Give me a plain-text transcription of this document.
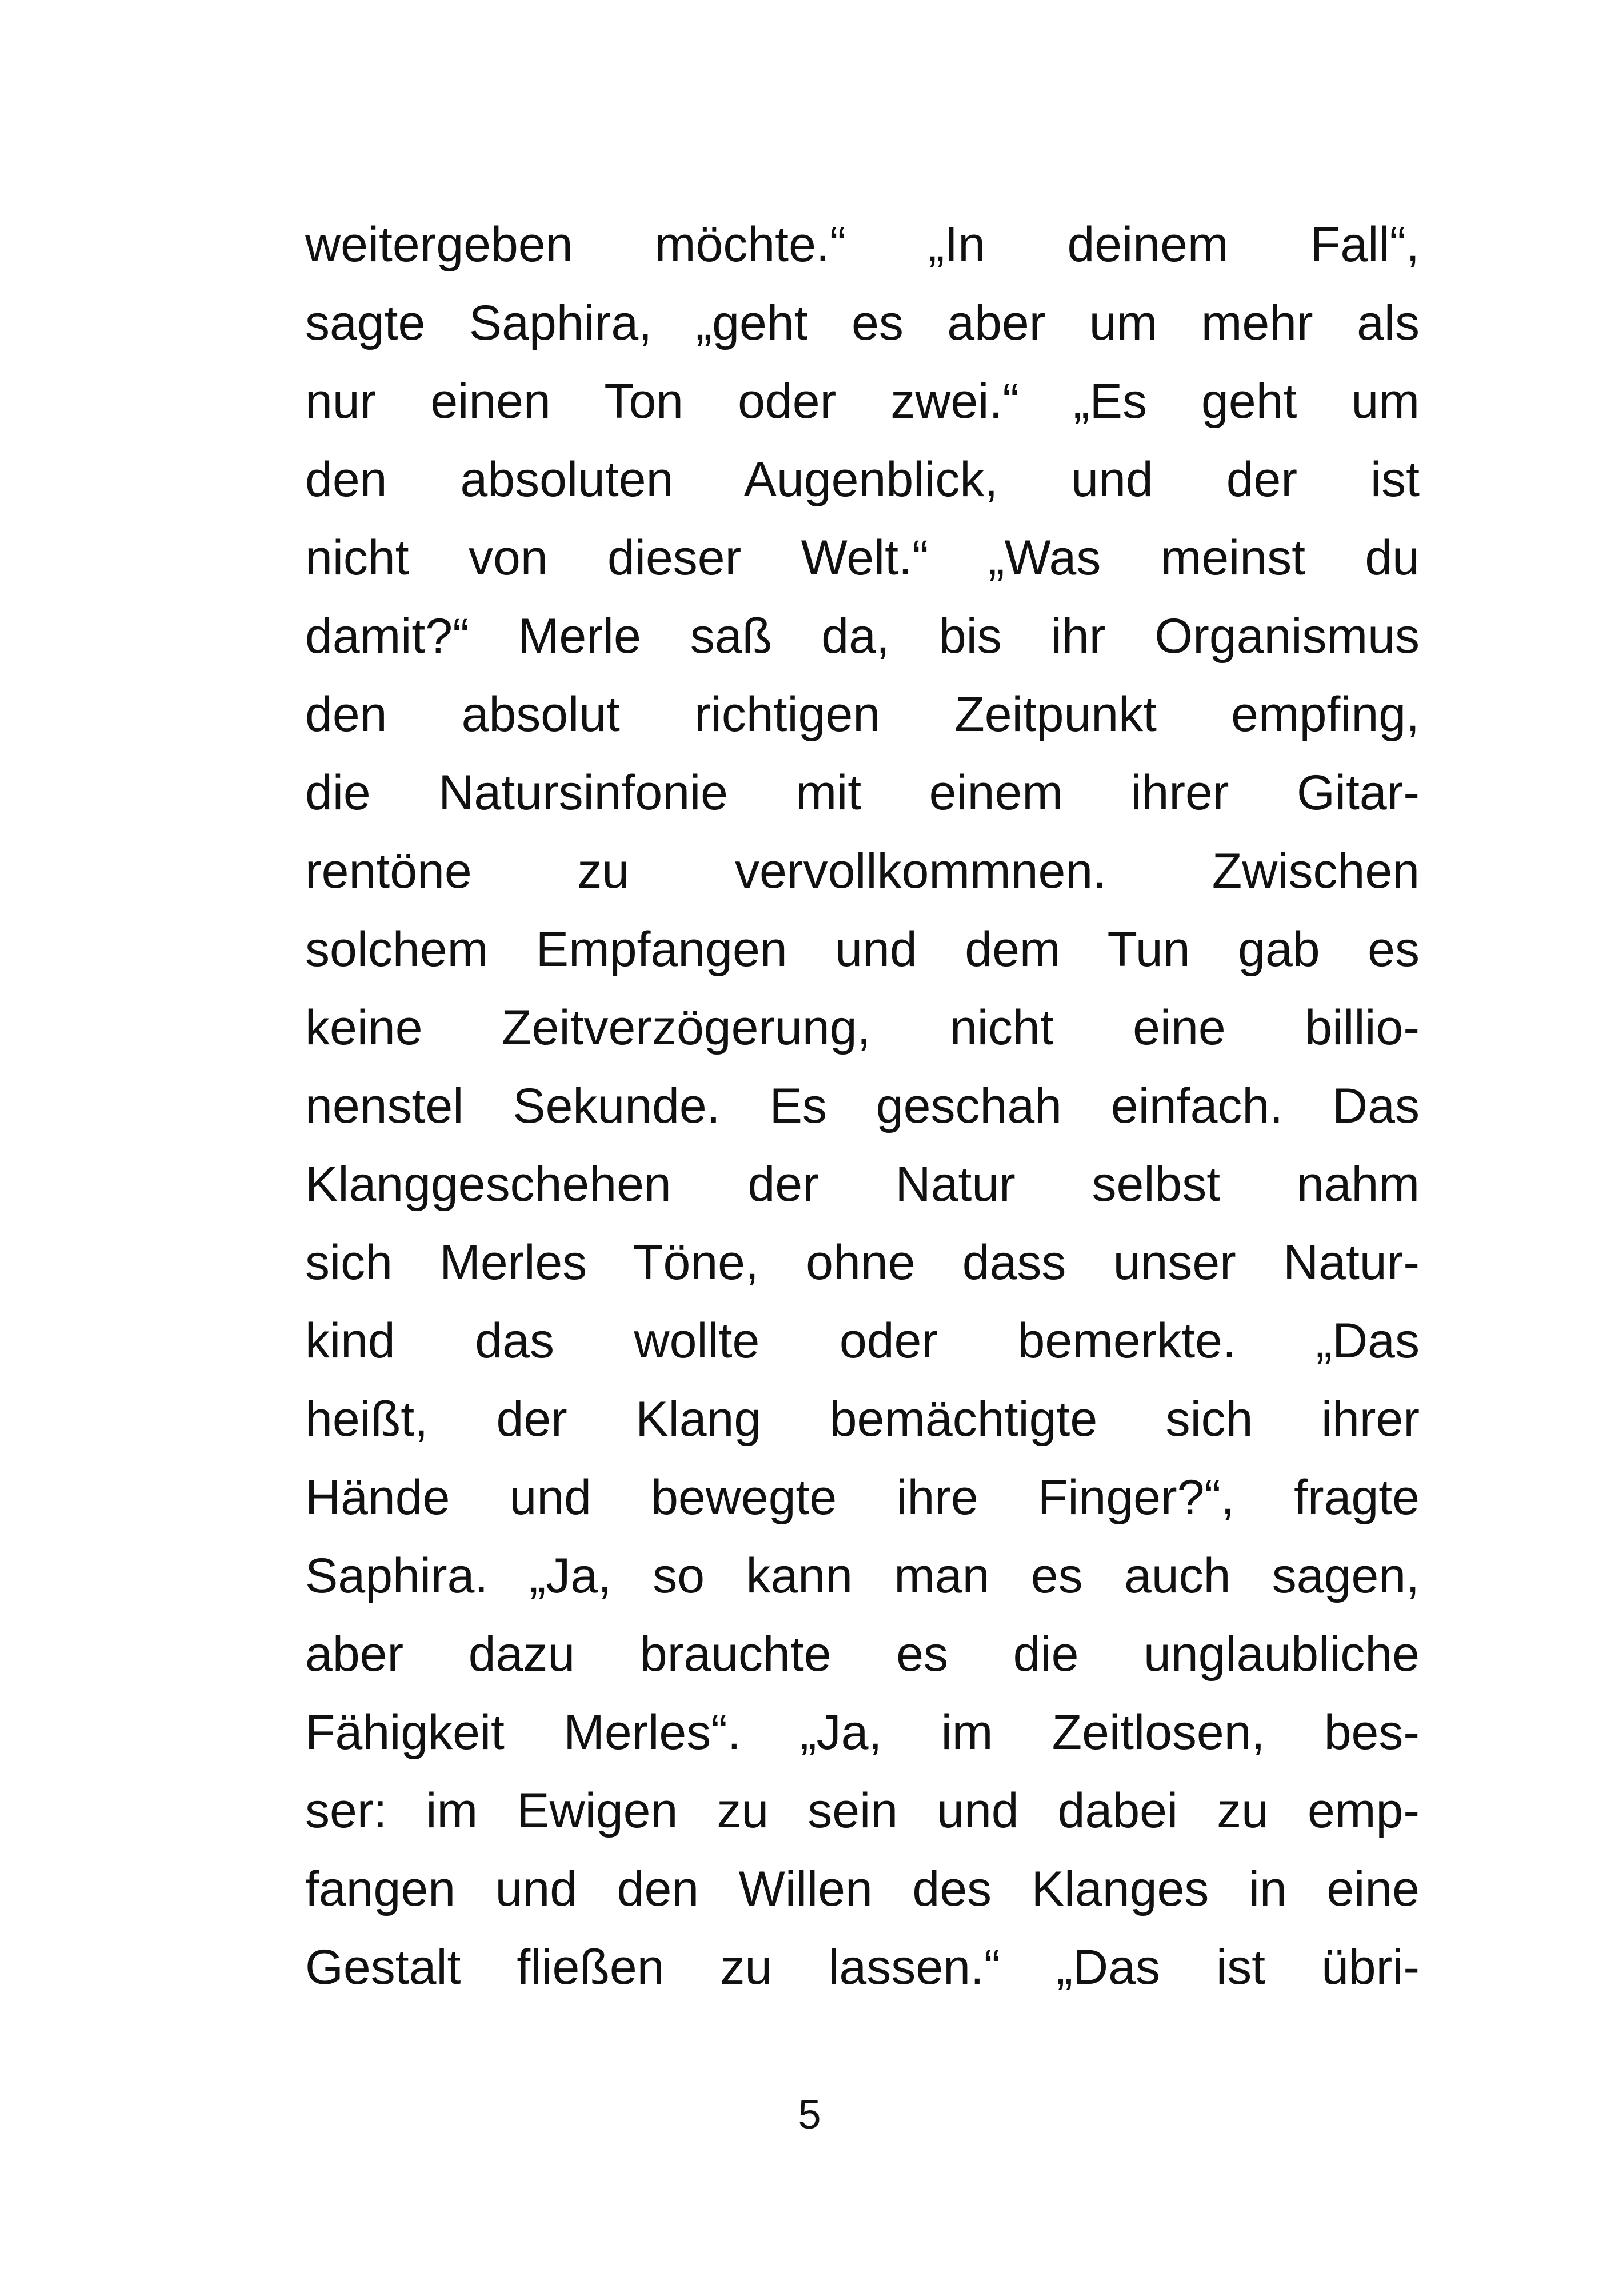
weitergeben möchte.“ „In deinem Fall“,
sagte Saphira, „geht es aber um mehr als
nur einen Ton oder zwei.“ „Es geht um
den absoluten Augenblick, und der ist
nicht von dieser Welt.“ „Was meinst du
damit?“ Merle saß da, bis ihr Organismus
den absolut richtigen Zeitpunkt empfing,
die Natursinfonie mit einem ihrer Gitar-
rentöne zu vervollkommnen. Zwischen
solchem Empfangen und dem Tun gab es
keine Zeitverzögerung, nicht eine billio-
nenstel Sekunde. Es geschah einfach. Das
Klanggeschehen der Natur selbst nahm
sich Merles Töne, ohne dass unser Natur-
kind das wollte oder bemerkte. „Das
heißt, der Klang bemächtigte sich ihrer
Hände und bewegte ihre Finger?“, fragte
Saphira. „Ja, so kann man es auch sagen,
aber dazu brauchte es die unglaubliche
Fähigkeit Merles“. „Ja, im Zeitlosen, bes-
ser: im Ewigen zu sein und dabei zu emp-
fangen und den Willen des Klanges in eine
Gestalt fließen zu lassen.“ „Das ist übri-
5
